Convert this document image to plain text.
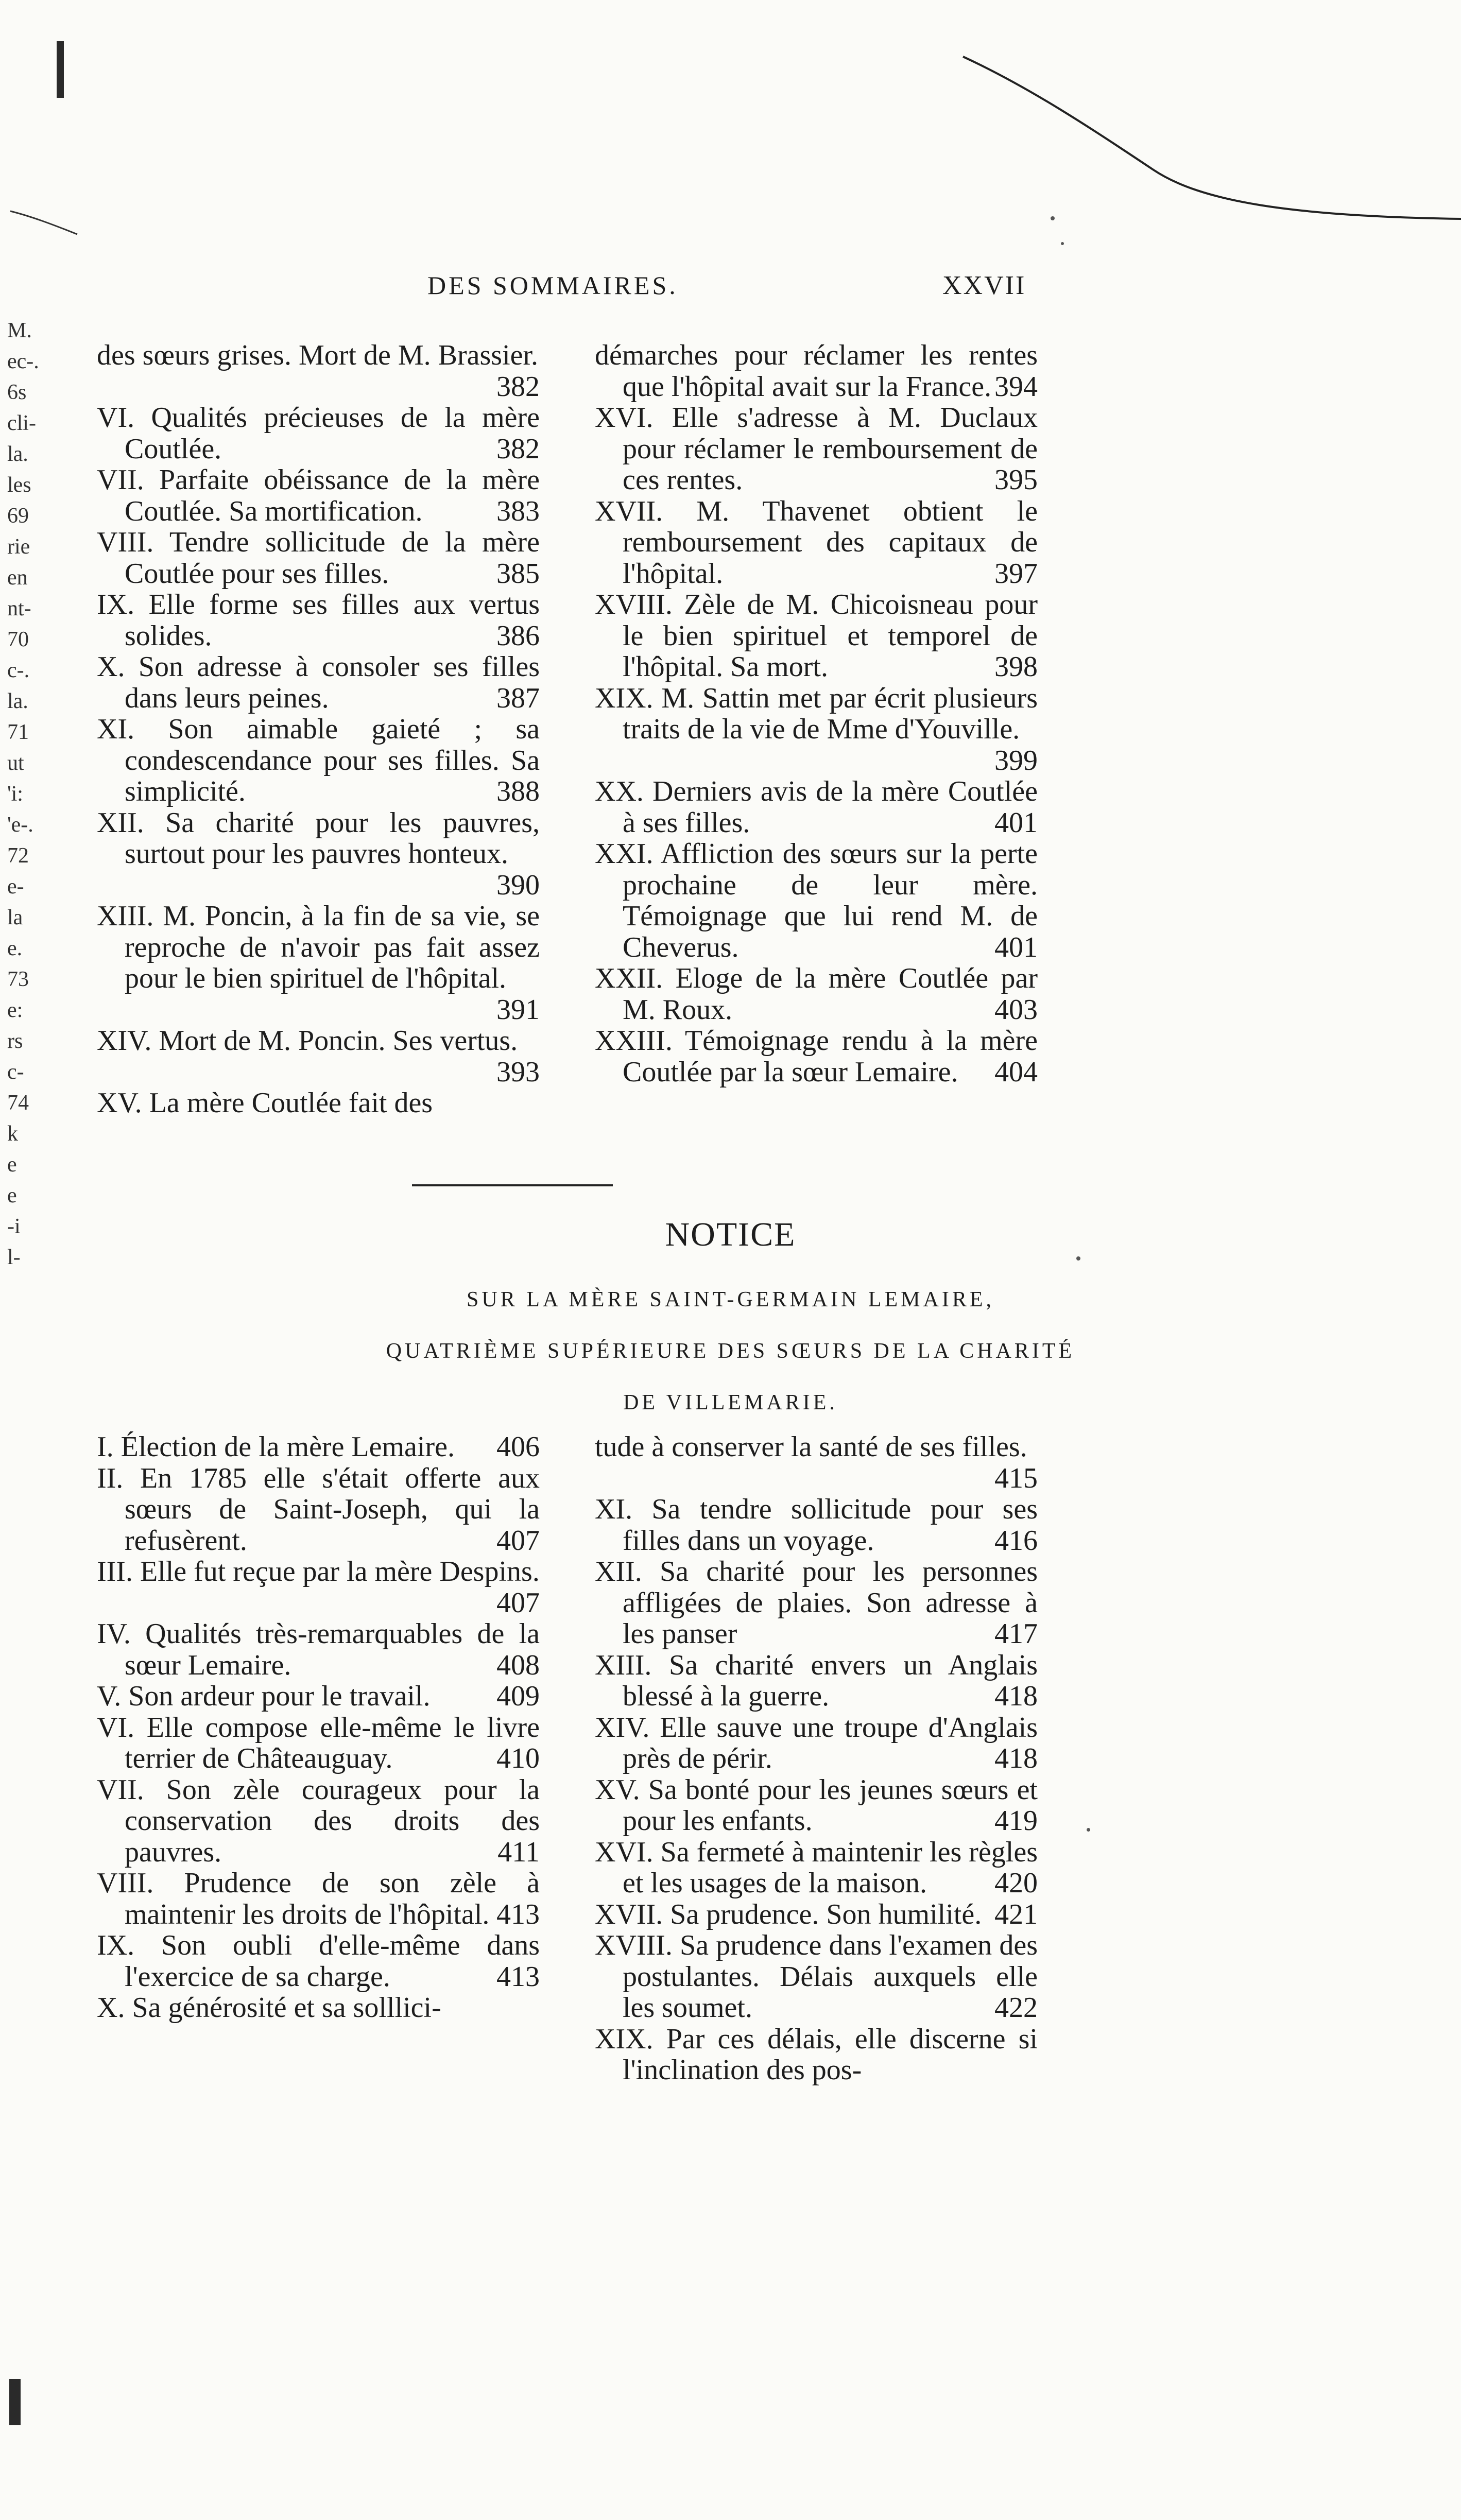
DES SOMMAIRES.	XXVII
M.
ec-.
6s
cli-
la.
les
69
rie
en
nt-
70
c-.
la.
71
ut
'i:
'e-.
72
e-
la
e.
73
e:
rs
c-
74
k
e
e
-i
l-

des sœurs grises. Mort de M. Brassier.
382

VI. Qualités précieuses de la mère Coutlée.	382

VII. Parfaite obéissance de la mère Coutlée. Sa mortification.	383

VIII. Tendre sollicitude de la mère Coutlée pour ses filles.	385

IX. Elle forme ses filles aux vertus solides.	386

X. Son adresse à consoler ses filles dans leurs peines.	387

XI. Son aimable gaieté ; sa condescendance pour ses filles. Sa simplicité.	388

XII. Sa charité pour les pauvres, surtout pour les pauvres honteux.
390

XIII. M. Poncin, à la fin de sa vie, se reproche de n'avoir pas fait assez pour le bien spirituel de l'hôpital.
391

XIV. Mort de M. Poncin. Ses vertus.
393

XV. La mère Coutlée fait des

démarches pour réclamer les rentes que l'hôpital avait sur la France. 394

XVI. Elle s'adresse à M. Duclaux pour réclamer le remboursement de ces rentes.	395

XVII. M. Thavenet obtient le remboursement des capitaux de l'hôpital.	397

XVIII. Zèle de M. Chicoisneau pour le bien spirituel et temporel de l'hôpital. Sa mort.	398

XIX. M. Sattin met par écrit plusieurs traits de la vie de Mme d'Youville.
399

XX. Derniers avis de la mère Coutlée à ses filles.	401

XXI. Affliction des sœurs sur la perte prochaine de leur mère. Témoignage que lui rend M. de Cheverus.	401

XXII. Eloge de la mère Coutlée par M. Roux.	403

XXIII. Témoignage rendu à la mère Coutlée par la sœur Lemaire. 404

NOTICE
SUR LA MÈRE SAINT-GERMAIN LEMAIRE,
QUATRIÈME SUPÉRIEURE DES SŒURS DE LA CHARITÉ
DE VILLEMARIE.

I. Élection de la mère Lemaire. 406

II. En 1785 elle s'était offerte aux sœurs de Saint-Joseph, qui la refusèrent.	407

III. Elle fut reçue par la mère Despins.
407

IV. Qualités très-remarquables de la sœur Lemaire.	408

V. Son ardeur pour le travail. 409

VI. Elle compose elle-même le livre terrier de Châteauguay.	410

VII. Son zèle courageux pour la conservation des droits des pauvres.	411

VIII. Prudence de son zèle à maintenir les droits de l'hôpital. 413

IX. Son oubli d'elle-même dans l'exercice de sa charge.	413

X. Sa générosité et sa solllici-

tude à conserver la santé de ses filles.
415

XI. Sa tendre sollicitude pour ses filles dans un voyage.	416

XII. Sa charité pour les personnes affligées de plaies. Son adresse à les panser	417

XIII. Sa charité envers un Anglais blessé à la guerre.	418

XIV. Elle sauve une troupe d'Anglais près de périr.	418

XV. Sa bonté pour les jeunes sœurs et pour les enfants.	419

XVI. Sa fermeté à maintenir les règles et les usages de la maison. 420

XVII. Sa prudence. Son humilité. 421

XVIII. Sa prudence dans l'examen des postulantes. Délais auxquels elle les soumet.	422

XIX. Par ces délais, elle discerne si l'inclination des pos-
